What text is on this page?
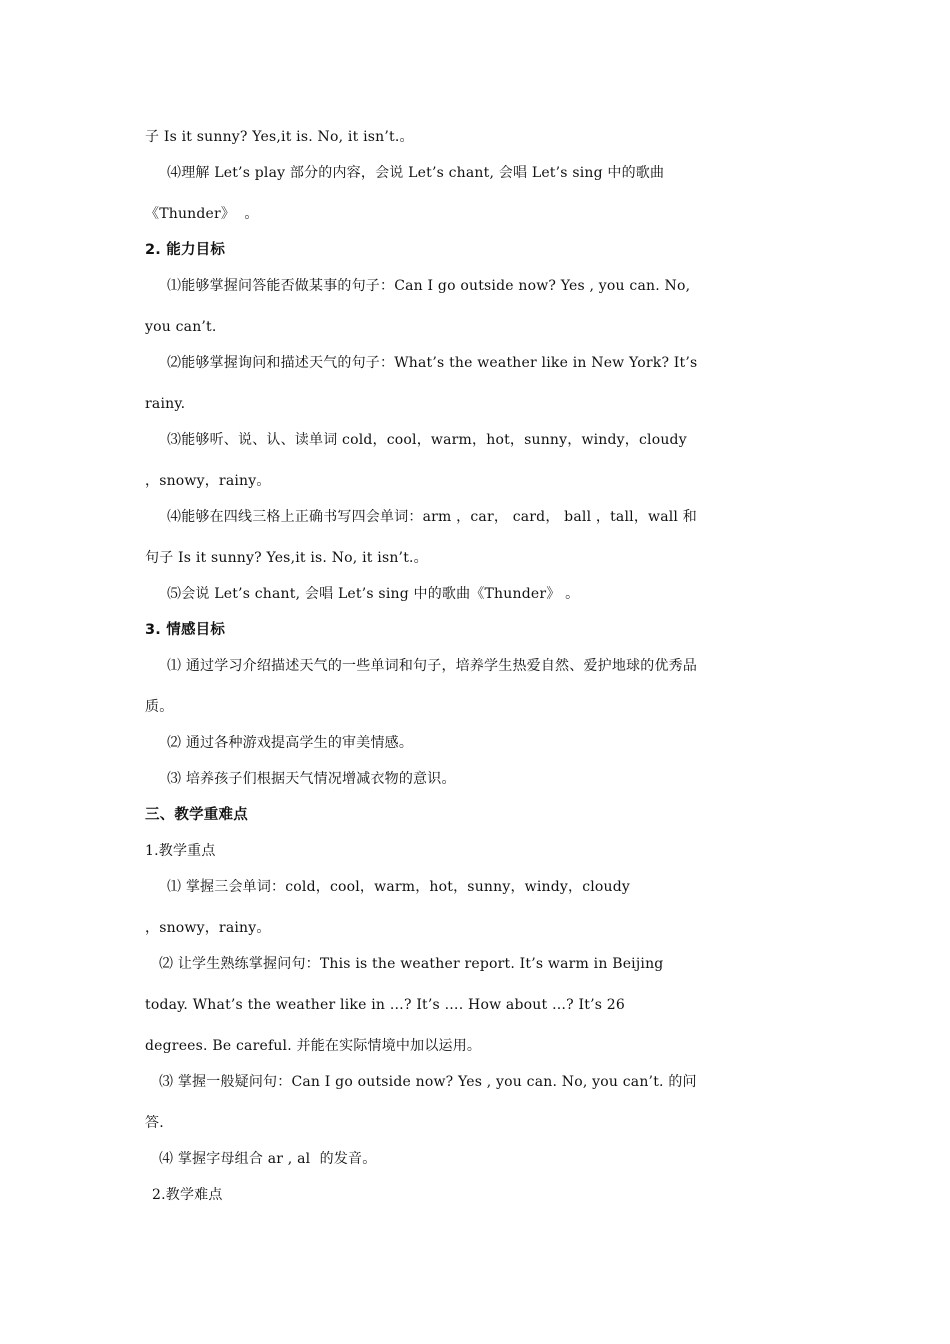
子 Is it sunny? Yes,it is. No, it isn’t.。
⑷理解 Let’s play 部分的内容，会说 Let’s chant, 会唱 Let’s sing 中的歌曲
《Thunder》  。
2. 能力目标
⑴能够掌握问答能否做某事的句子：Can I go outside now? Yes , you can. No,
you can’t.
⑵能够掌握询问和描述天气的句子：What’s the weather like in New York? It’s
rainy.
⑶能够听、说、认、读单词 cold，cool，warm，hot，sunny，windy，cloudy
，snowy，rainy。
⑷能够在四线三格上正确书写四会单词：arm ，car， card， ball ，tall，wall 和
句子 Is it sunny? Yes,it is. No, it isn’t.。
⑸会说 Let’s chant, 会唱 Let’s sing 中的歌曲《Thunder》 。
3. 情感目标
⑴ 通过学习介绍描述天气的一些单词和句子，培养学生热爱自然、爱护地球的优秀品
质。
⑵ 通过各种游戏提高学生的审美情感。
⑶ 培养孩子们根据天气情况增减衣物的意识。
三、教学重难点
1.教学重点
⑴ 掌握三会单词：cold，cool，warm，hot，sunny，windy，cloudy
，snowy，rainy。
⑵ 让学生熟练掌握问句：This is the weather report. It’s warm in Beijing
today. What’s the weather like in …? It’s …. How about …? It’s 26
degrees. Be careful. 并能在实际情境中加以运用。
⑶ 掌握一般疑问句：Can I go outside now? Yes , you can. No, you can’t. 的问
答.
⑷ 掌握字母组合 ar , al  的发音。
2.教学难点
